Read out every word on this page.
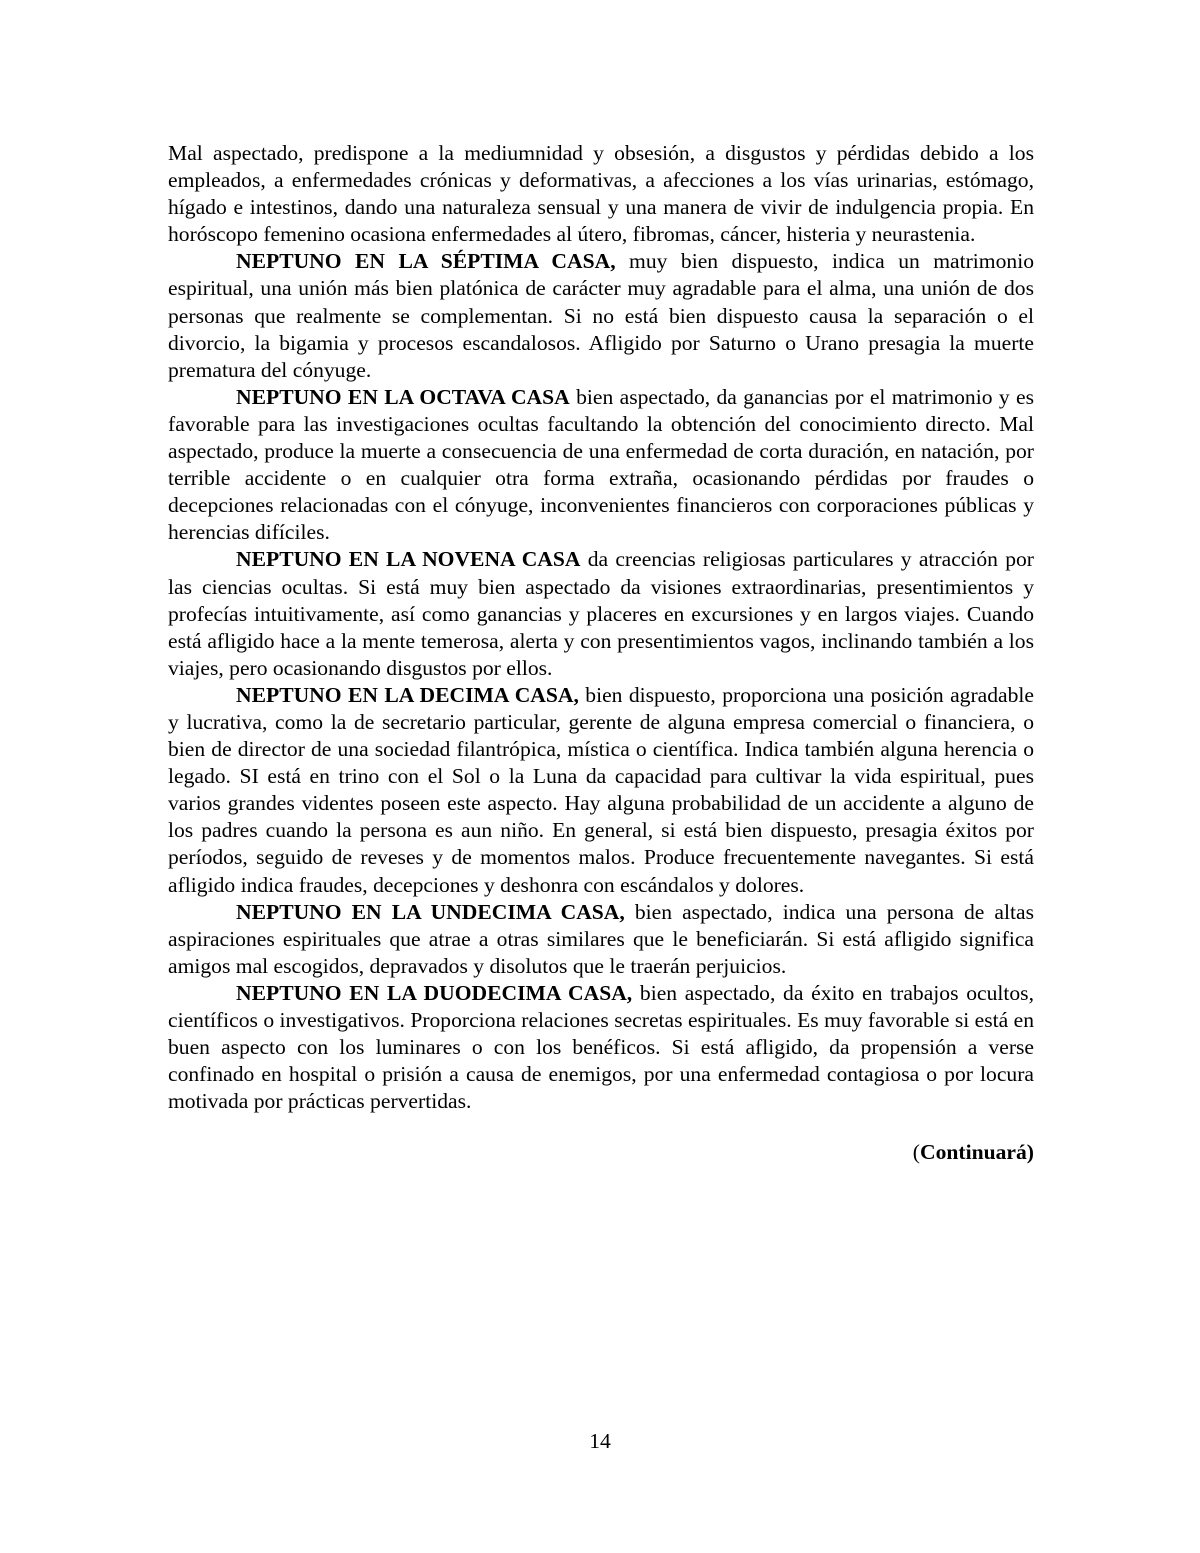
Mal aspectado, predispone a la mediumnidad y obsesión, a disgustos y pérdidas debido a los empleados, a enfermedades crónicas y deformativas, a afecciones a los vías urinarias, estómago, hígado e intestinos, dando una naturaleza sensual y una manera de vivir de indulgencia propia. En horóscopo femenino ocasiona enfermedades al útero, fibromas, cáncer, histeria y neurastenia.

NEPTUNO EN LA SÉPTIMA CASA, muy bien dispuesto, indica un matrimonio espiritual, una unión más bien platónica de carácter muy agradable para el alma, una unión de dos personas que realmente se complementan. Si no está bien dispuesto causa la separación o el divorcio, la bigamia y procesos escandalosos. Afligido por Saturno o Urano presagia la muerte prematura del cónyuge.

NEPTUNO EN LA OCTAVA CASA bien aspectado, da ganancias por el matrimonio y es favorable para las investigaciones ocultas facultando la obtención del conocimiento directo. Mal aspectado, produce la muerte a consecuencia de una enfermedad de corta duración, en natación, por terrible accidente o en cualquier otra forma extraña, ocasionando pérdidas por fraudes o decepciones relacionadas con el cónyuge, inconvenientes financieros con corporaciones públicas y herencias difíciles.

NEPTUNO EN LA NOVENA CASA da creencias religiosas particulares y atracción por las ciencias ocultas. Si está muy bien aspectado da visiones extraordinarias, presentimientos y profecías intuitivamente, así como ganancias y placeres en excursiones y en largos viajes. Cuando está afligido hace a la mente temerosa, alerta y con presentimientos vagos, inclinando también a los viajes, pero ocasionando disgustos por ellos.

NEPTUNO EN LA DECIMA CASA, bien dispuesto, proporciona una posición agradable y lucrativa, como la de secretario particular, gerente de alguna empresa comercial o financiera, o bien de director de una sociedad filantrópica, mística o científica. Indica también alguna herencia o legado. SI está en trino con el Sol o la Luna da capacidad para cultivar la vida espiritual, pues varios grandes videntes poseen este aspecto. Hay alguna probabilidad de un accidente a alguno de los padres cuando la persona es aun niño. En general, si está bien dispuesto, presagia éxitos por períodos, seguido de reveses y de momentos malos. Produce frecuentemente navegantes. Si está afligido indica fraudes, decepciones y deshonra con escándalos y dolores.

NEPTUNO EN LA UNDECIMA CASA, bien aspectado, indica una persona de altas aspiraciones espirituales que atrae a otras similares que le beneficiarán. Si está afligido significa amigos mal escogidos, depravados y disolutos que le traerán perjuicios.

NEPTUNO EN LA DUODECIMA CASA, bien aspectado, da éxito en trabajos ocultos, científicos o investigativos. Proporciona relaciones secretas espirituales. Es muy favorable si está en buen aspecto con los luminares o con los benéficos. Si está afligido, da propensión a verse confinado en hospital o prisión a causa de enemigos, por una enfermedad contagiosa o por locura motivada por prácticas pervertidas.

(Continuará)

14
